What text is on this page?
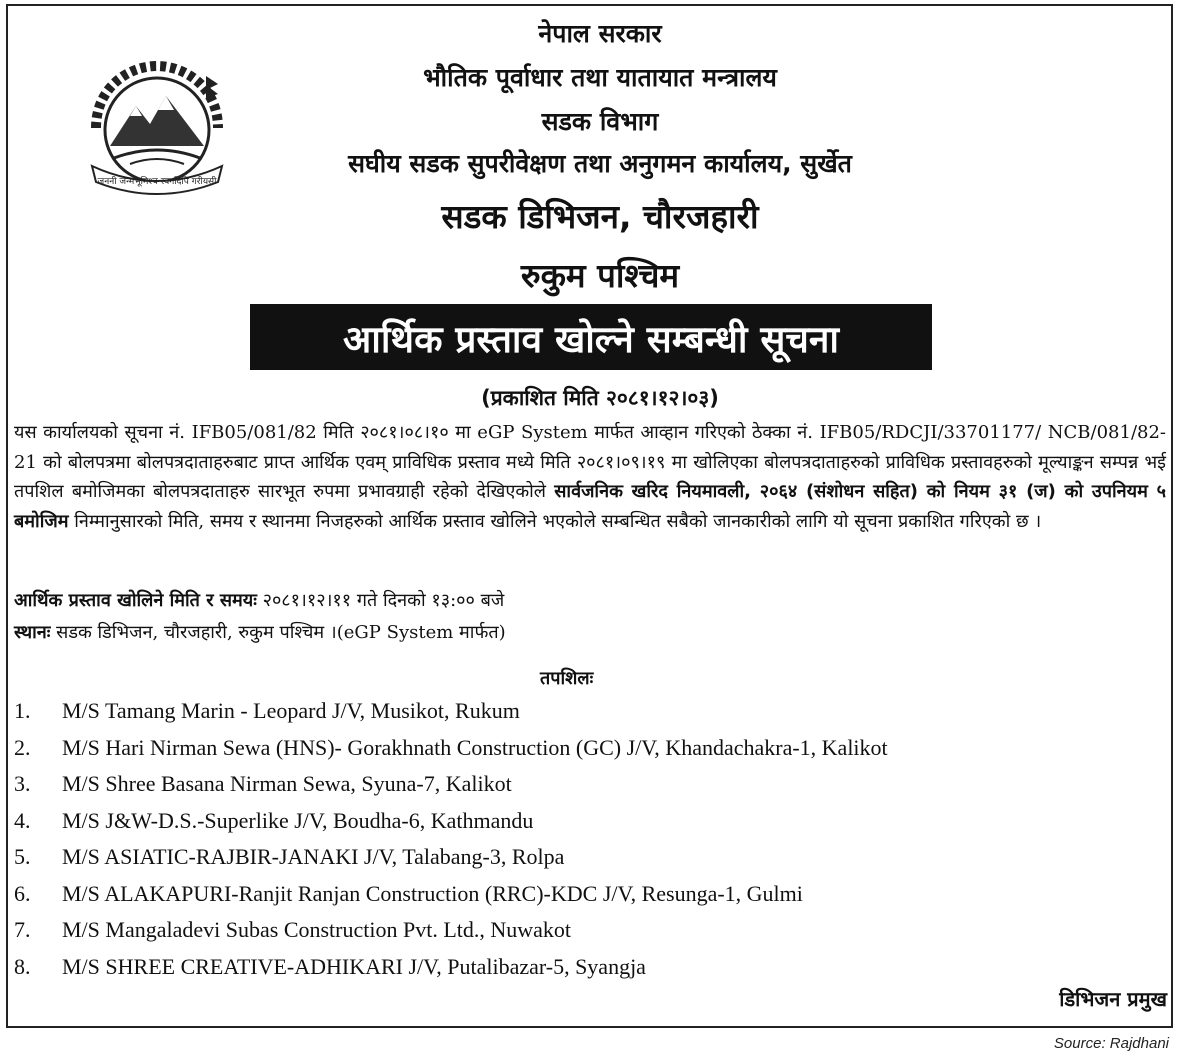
जननी जन्मभूमिश्च स्वर्गादपि गरीयसी
नेपाल सरकार
भौतिक पूर्वाधार तथा यातायात मन्त्रालय
सडक विभाग
सघीय सडक सुपरीवेक्षण तथा अनुगमन कार्यालय, सुर्खेत
सडक डिभिजन, चौरजहारी
रुकुम पश्चिम
आर्थिक प्रस्ताव खोल्ने सम्बन्धी सूचना
(प्रकाशित मिति २०८१।१२।०३)

यस कार्यालयको सूचना नं. IFB05/081/82 मिति २०८१।०८।१० मा eGP System मार्फत आव्हान गरिएको ठेक्का नं. IFB05/RDCJI/33701177/ NCB/081/82-21 को बोलपत्रमा बोलपत्रदाताहरुबाट प्राप्त आर्थिक एवम् प्राविधिक प्रस्ताव मध्ये मिति २०८१।०९।१९ मा खोलिएका बोलपत्रदाताहरुको प्राविधिक प्रस्तावहरुको मूल्याङ्कन सम्पन्न भई तपशिल बमोजिमका बोलपत्रदाताहरु सारभूत रुपमा प्रभावग्राही रहेको देखिएकोले सार्वजनिक खरिद नियमावली, २०६४ (संशोधन सहित) को नियम ३१ (ज) को उपनियम ५ बमोजिम निम्मानुसारको मिति, समय र स्थानमा निजहरुको आर्थिक प्रस्ताव खोलिने भएकोले सम्बन्धित सबैको जानकारीको लागि यो सूचना प्रकाशित गरिएको छ ।

आर्थिक प्रस्ताव खोलिने मिति र समयः २०८१।१२।११ गते दिनको १३:०० बजे
स्थानः सडक डिभिजन, चौरजहारी, रुकुम पश्चिम ।(eGP System मार्फत)
तपशिलः
1. M/S Tamang Marin - Leopard J/V, Musikot, Rukum
2. M/S Hari Nirman Sewa (HNS)- Gorakhnath Construction (GC) J/V, Khandachakra-1, Kalikot
3. M/S Shree Basana Nirman Sewa, Syuna-7, Kalikot
4. M/S J&W-D.S.-Superlike J/V, Boudha-6, Kathmandu
5. M/S ASIATIC-RAJBIR-JANAKI J/V, Talabang-3, Rolpa
6. M/S ALAKAPURI-Ranjit Ranjan Construction (RRC)-KDC J/V, Resunga-1, Gulmi
7. M/S Mangaladevi Subas Construction Pvt. Ltd., Nuwakot
8. M/S SHREE CREATIVE-ADHIKARI J/V, Putalibazar-5, Syangja
डिभिजन प्रमुख
Source: Rajdhani
